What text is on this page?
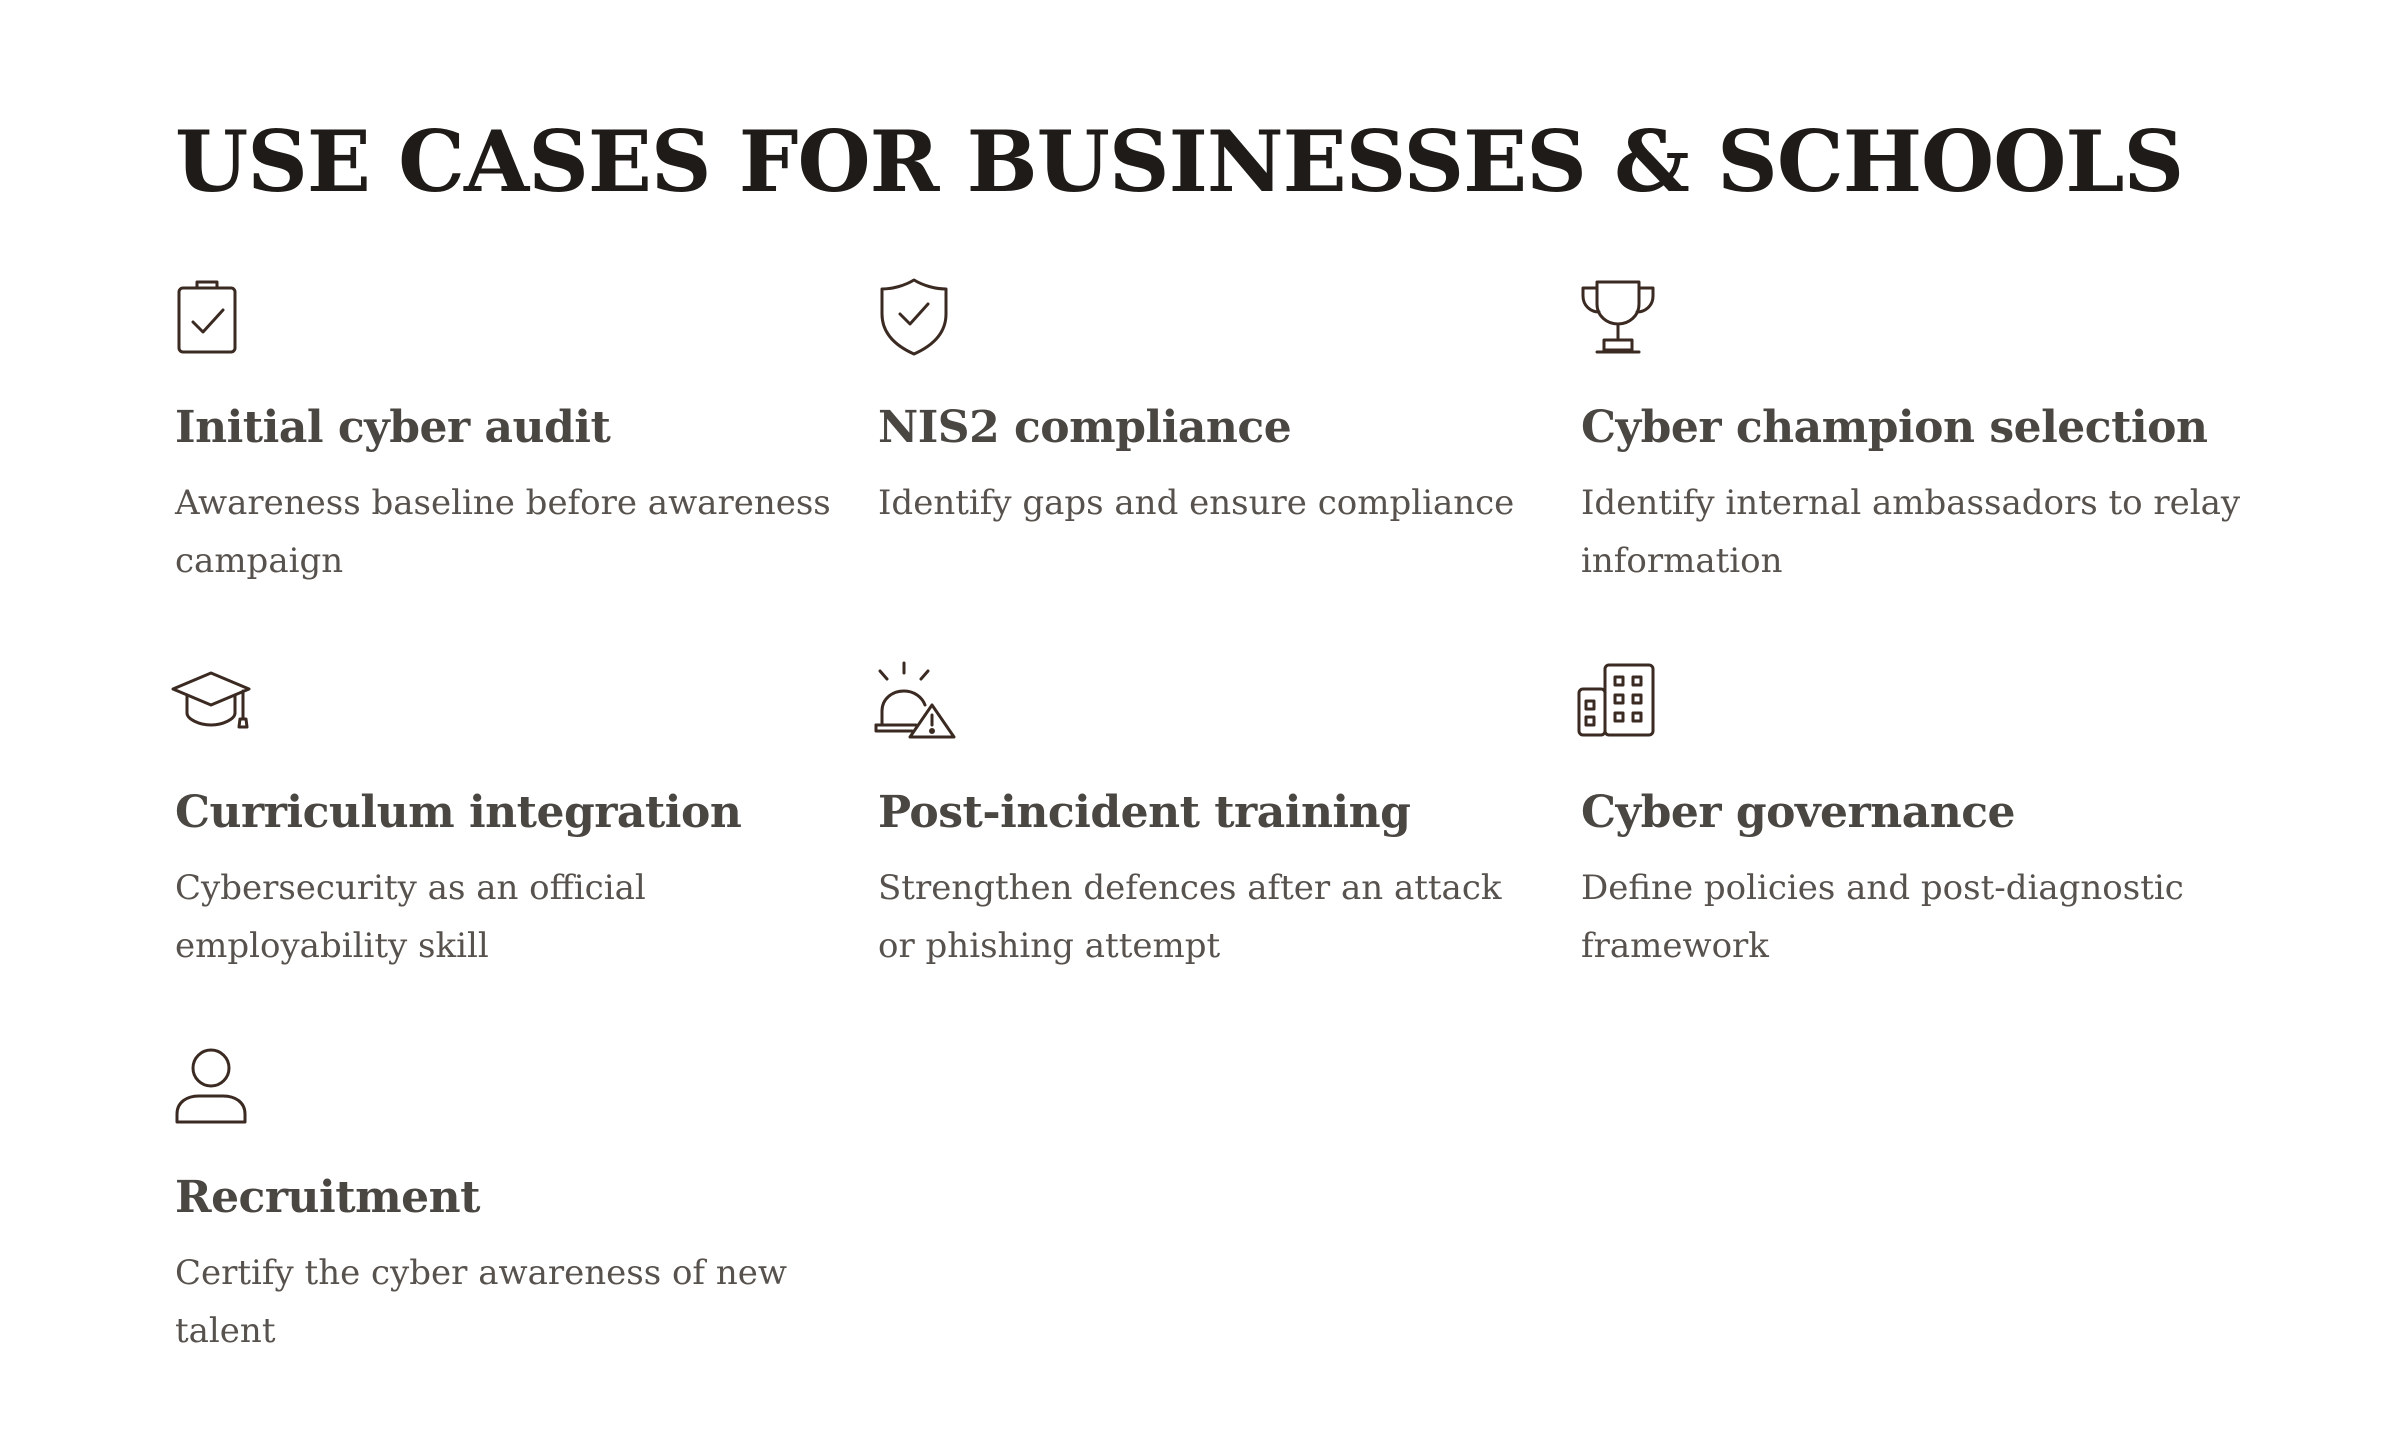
USE CASES FOR BUSINESSES & SCHOOLS
Initial cyber audit

Awareness baseline before awareness campaign

NIS2 compliance

Identify gaps and ensure compliance

Cyber champion selection

Identify internal ambassadors to relay information

Curriculum integration

Cybersecurity as an official employability skill

Post-incident training

Strengthen defences after an attack or phishing attempt

Cyber governance

Define policies and post-diagnostic framework

Recruitment

Certify the cyber awareness of new talent
